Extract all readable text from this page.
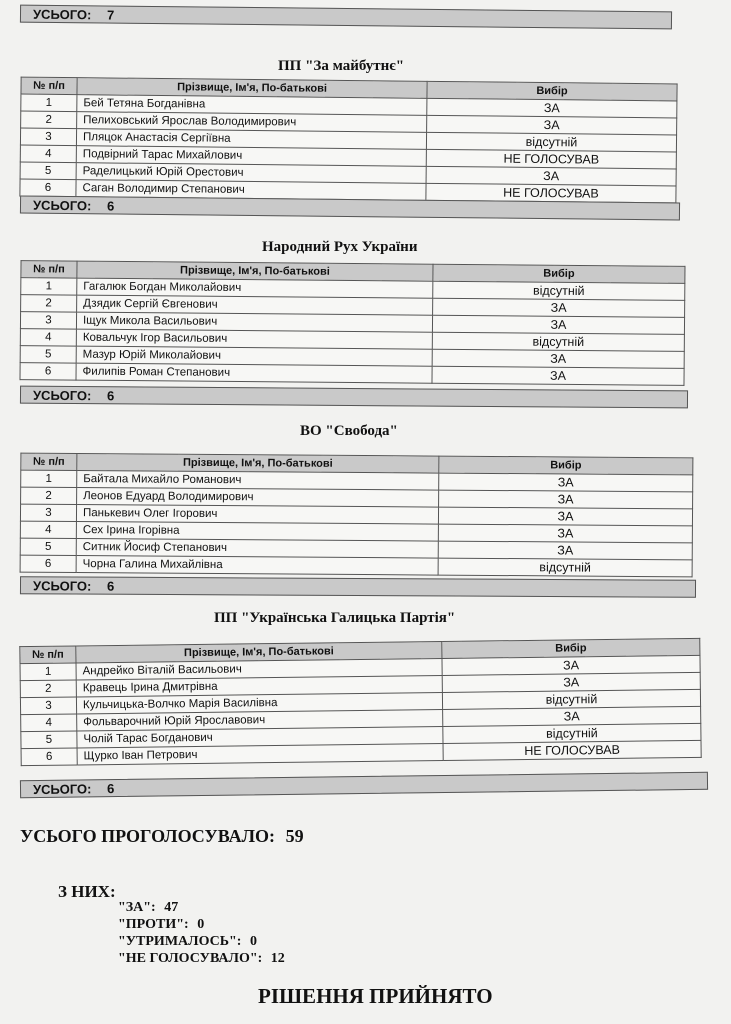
УСЬОГО: 7
ПП "За майбутнє"
№ п/п	Прізвище, Ім'я, По-батькові	Вибір
1	Бей Тетяна Богданівна	ЗА
2	Пелиховський Ярослав Володимирович	ЗА
3	Пляцок Анастасія Сергіївна	відсутній
4	Подвірний Тарас Михайлович	НЕ ГОЛОСУВАВ
5	Раделицький Юрій Орестович	ЗА
6	Саган Володимир Степанович	НЕ ГОЛОСУВАВ
УСЬОГО: 6
Народний Рух України
№ п/п	Прізвище, Ім'я, По-батькові	Вибір
1	Гагалюк Богдан Миколайович	відсутній
2	Дзядик Сергій Євгенович	ЗА
3	Іщук Микола Васильович	ЗА
4	Ковальчук Ігор Васильович	відсутній
5	Мазур Юрій Миколайович	ЗА
6	Филипів Роман Степанович	ЗА
УСЬОГО: 6
ВО "Свобода"
№ п/п	Прізвище, Ім'я, По-батькові	Вибір
1	Байтала Михайло Романович	ЗА
2	Леонов Едуард Володимирович	ЗА
3	Панькевич Олег Ігорович	ЗА
4	Сех Ірина Ігорівна	ЗА
5	Ситник Йосиф Степанович	ЗА
6	Чорна Галина Михайлівна	відсутній
УСЬОГО: 6
ПП "Українська Галицька Партія"
№ п/п	Прізвище, Ім'я, По-батькові	Вибір
1	Андрейко Віталій Васильович	ЗА
2	Кравець Ірина Дмитрівна	ЗА
3	Кульчицька-Волчко Марія Василівна	відсутній
4	Фольварочний Юрій Ярославович	ЗА
5	Чолій Тарас Богданович	відсутній
6	Щурко Іван Петрович	НЕ ГОЛОСУВАВ
УСЬОГО: 6
УСЬОГО ПРОГОЛОСУВАЛО: 59
З НИХ:
"ЗА": 47
"ПРОТИ": 0
"УТРИМАЛОСЬ": 0
"НЕ ГОЛОСУВАЛО": 12
РІШЕННЯ ПРИЙНЯТО
